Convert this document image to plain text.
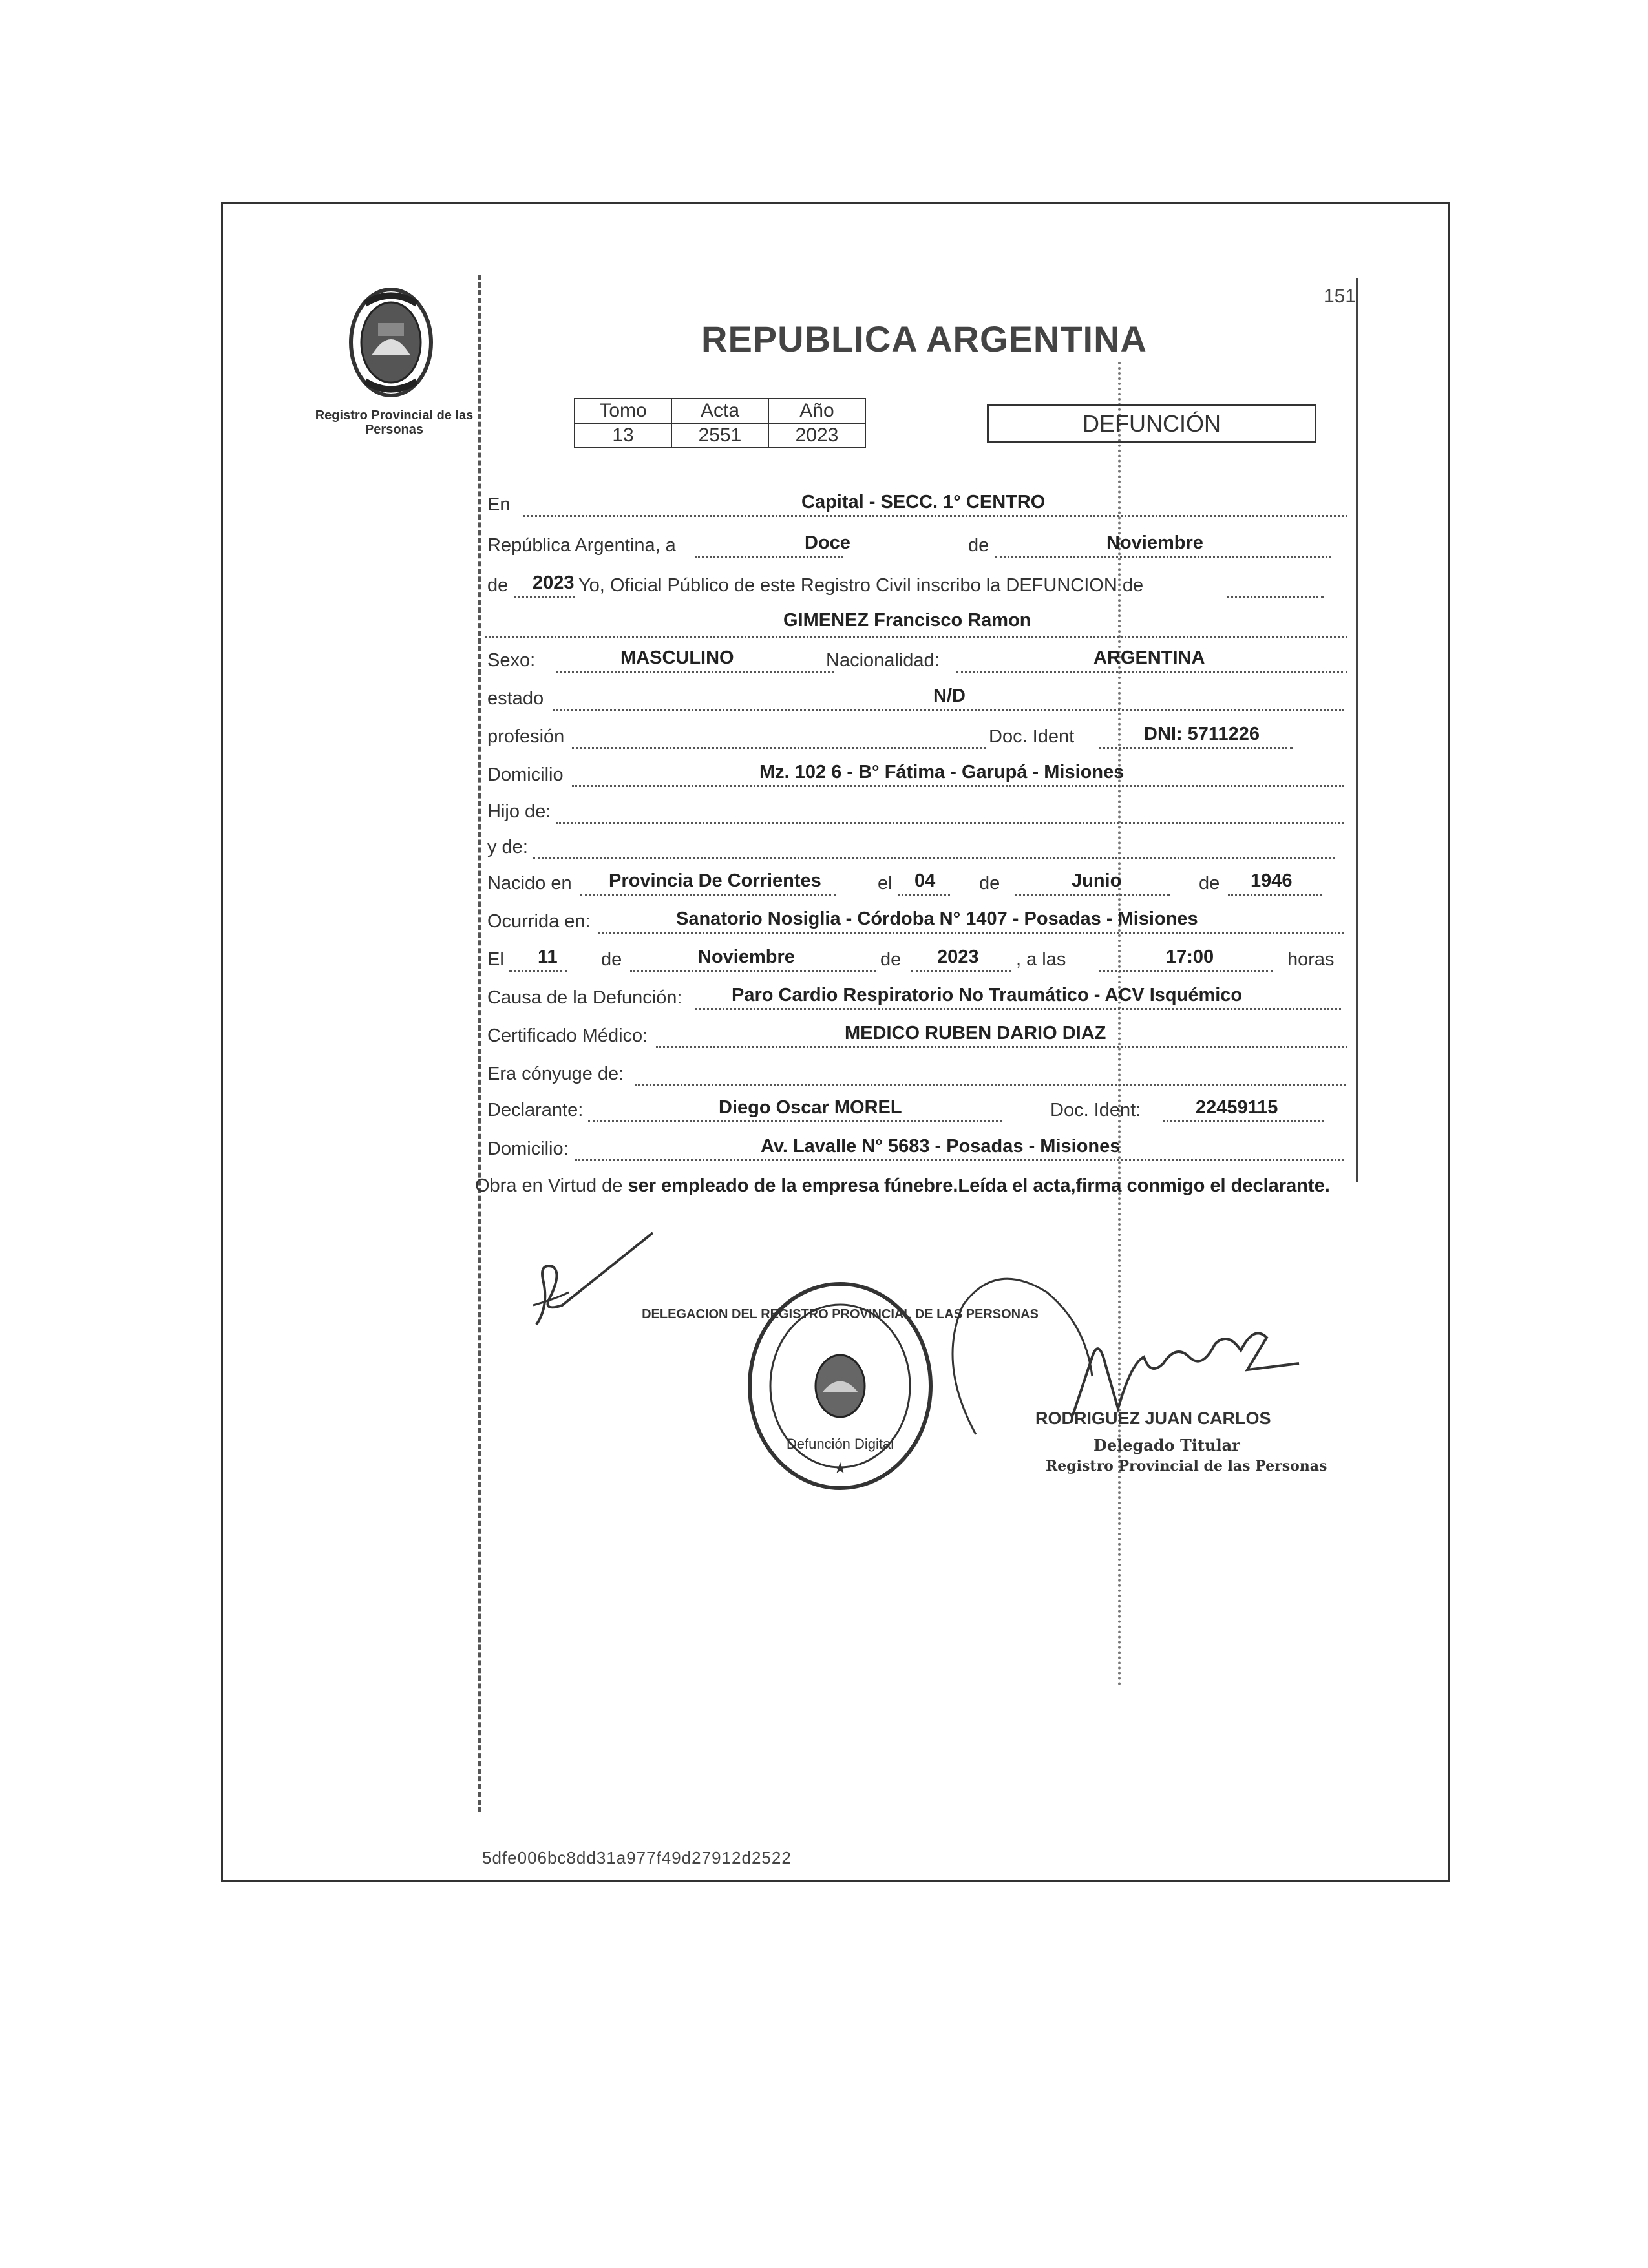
Registro Provincial de las Personas
151
REPUBLICA ARGENTINA
Tomo	Acta	Año
13	2551	2023	DEFUNCIÓN
En	Capital - SECC. 1° CENTRO
República Argentina, a	Doce	de	Noviembre
de 2023 Yo, Oficial Público de este Registro Civil inscribo la DEFUNCION de
GIMENEZ Francisco Ramon
Sexo:	MASCULINO	Nacionalidad:	ARGENTINA
estado	N/D
profesión	Doc. Ident	DNI: 5711226
Domicilio	Mz. 102 6 - B° Fátima - Garupá - Misiones
Hijo de:
y de:
Nacido en Provincia De Corrientes	el 04 de	Junio	de 1946
Ocurrida en:	Sanatorio Nosiglia - Córdoba N° 1407 - Posadas - Misiones
El 11 de	Noviembre	de 2023 , a las	17:00	horas
Causa de la Defunción:	Paro Cardio Respiratorio No Traumático - ACV Isquémico
Certificado Médico:	MEDICO RUBEN DARIO DIAZ
Era cónyuge de:
Declarante:	Diego Oscar MOREL	Doc. Ident:	22459115
Domicilio:	Av. Lavalle N° 5683 - Posadas - Misiones
Obra en Virtud de ser empleado de la empresa fúnebre.Leída el acta,firma conmigo el declarante.
DELEGACION DEL REGISTRO PROVINCIAL DE LAS PERSONAS
Defunción Digital
★
RODRIGUEZ JUAN CARLOS
Delegado Titular
Registro Provincial de las Personas
5dfe006bc8dd31a977f49d27912d2522
